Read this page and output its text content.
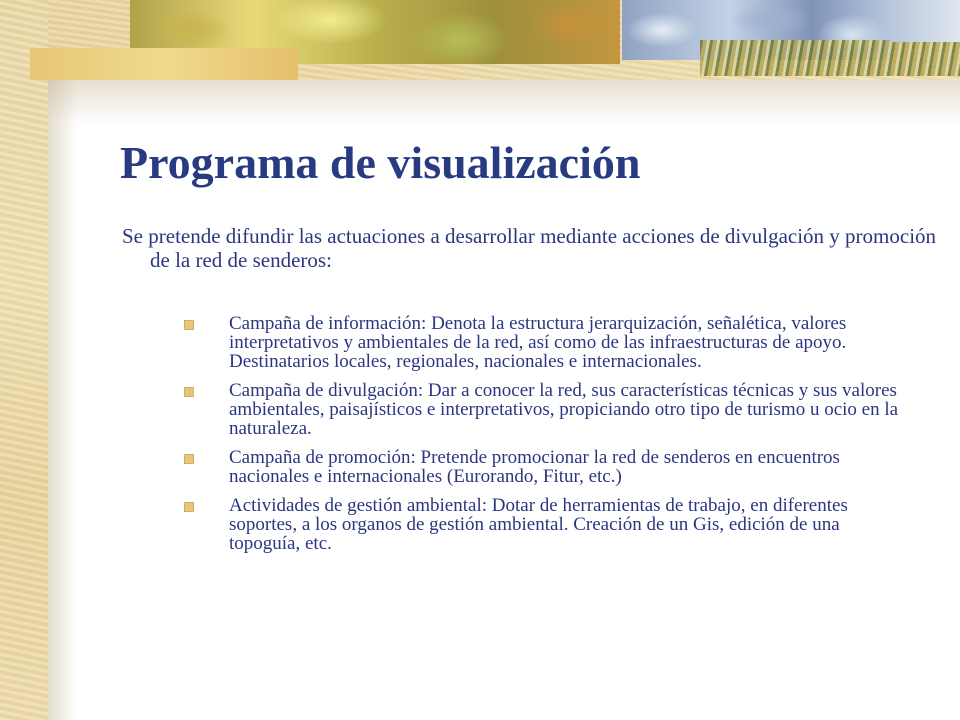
Programa de visualización
Se pretende difundir las actuaciones a desarrollar mediante acciones de divulgación y promoción de la red de senderos:
Campaña de información: Denota la estructura jerarquización, señalética, valores interpretativos y ambientales de la red, así como de las infraestructuras de apoyo. Destinatarios locales, regionales, nacionales e internacionales.
Campaña de divulgación: Dar a conocer la red, sus características técnicas y sus valores ambientales, paisajísticos e interpretativos, propiciando otro tipo de turismo u ocio en la naturaleza.
Campaña de promoción: Pretende promocionar la red de senderos en encuentros nacionales e internacionales (Eurorando, Fitur, etc.)
Actividades de gestión ambiental: Dotar de herramientas de trabajo, en diferentes soportes, a los organos de gestión ambiental. Creación de un Gis, edición de una topoguía, etc.
